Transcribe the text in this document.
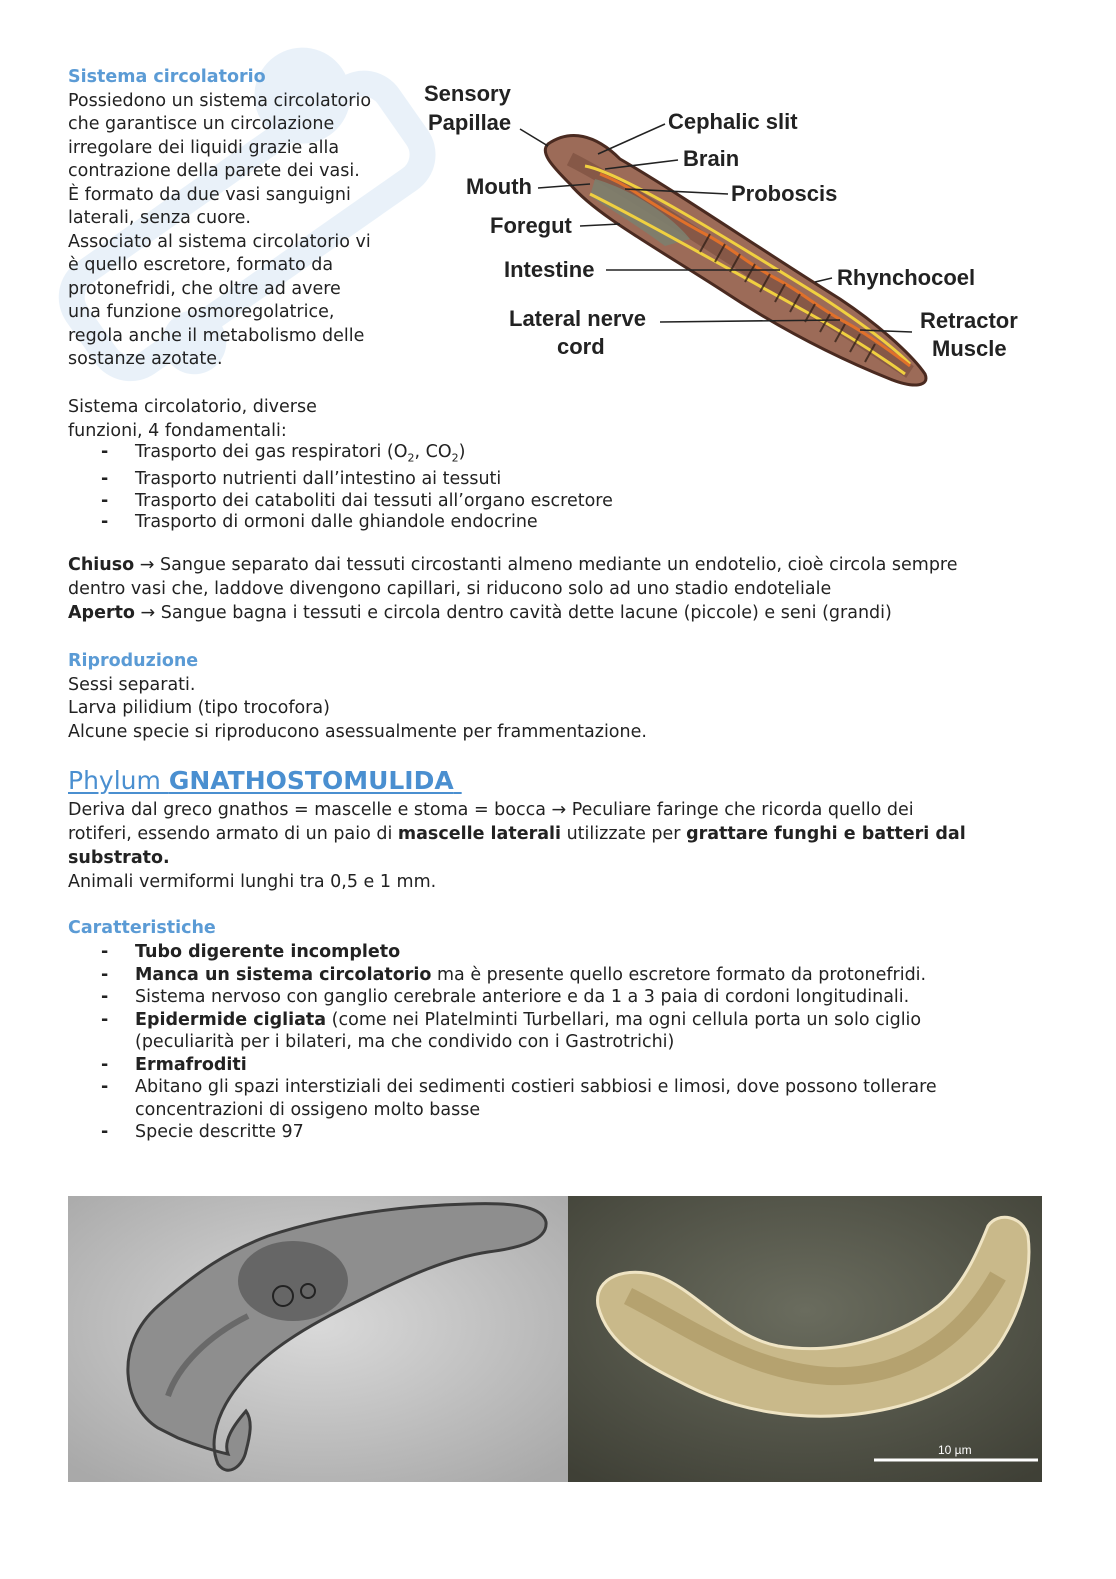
Sistema circolatorio
Possiedono un sistema circolatorio
che garantisce un circolazione
irregolare dei liquidi grazie alla
contrazione della parete dei vasi.
È formato da due vasi sanguigni
laterali, senza cuore.
Associato al sistema circolatorio vi
è quello escretore, formato da
protonefridi, che oltre ad avere
una funzione osmoregolatrice,
regola anche il metabolismo delle
sostanze azotate.
Sensory
Papillae	Cephalic slit
Brain
Mouth	Proboscis
Foregut
Intestine	Rhynchocoel
Lateral nerve
cord
Retractor
Muscle
Sistema circolatorio, diverse
funzioni, 4 fondamentali:
- Trasporto dei gas respiratori ($O_2$, $CO_2$)
- Trasporto nutrienti dall’intestino ai tessuti
- Trasporto dei cataboliti dai tessuti all’organo escretore
- Trasporto di ormoni dalle ghiandole endocrine
Chiuso → Sangue separato dai tessuti circostanti almeno mediante un endotelio, cioè circola sempre
dentro vasi che, laddove divengono capillari, si riducono solo ad uno stadio endoteliale
Aperto → Sangue bagna i tessuti e circola dentro cavità dette lacune (piccole) e seni (grandi)
Riproduzione
Sessi separati.
Larva pilidium (tipo trocofora)
Alcune specie si riproducono asessualmente per frammentazione.
Phylum GNATHOSTOMULIDA
Deriva dal greco gnathos = mascelle e stoma = bocca → Peculiare faringe che ricorda quello dei
rotiferi, essendo armato di un paio di mascelle laterali utilizzate per grattare funghi e batteri dal
substrato.
Animali vermiformi lunghi tra 0,5 e 1 mm.
Caratteristiche
- Tubo digerente incompleto
- Manca un sistema circolatorio ma è presente quello escretore formato da protonefridi.
- Sistema nervoso con ganglio cerebrale anteriore e da 1 a 3 paia di cordoni longitudinali.
- Epidermide cigliata (come nei Platelminti Turbellari, ma ogni cellula porta un solo ciglio
(peculiarità per i bilateri, ma che condivido con i Gastrotrichi)
- Ermafroditi
- Abitano gli spazi interstiziali dei sedimenti costieri sabbiosi e limosi, dove possono tollerare
concentrazioni di ossigeno molto basse
- Specie descritte 97
10 µm
